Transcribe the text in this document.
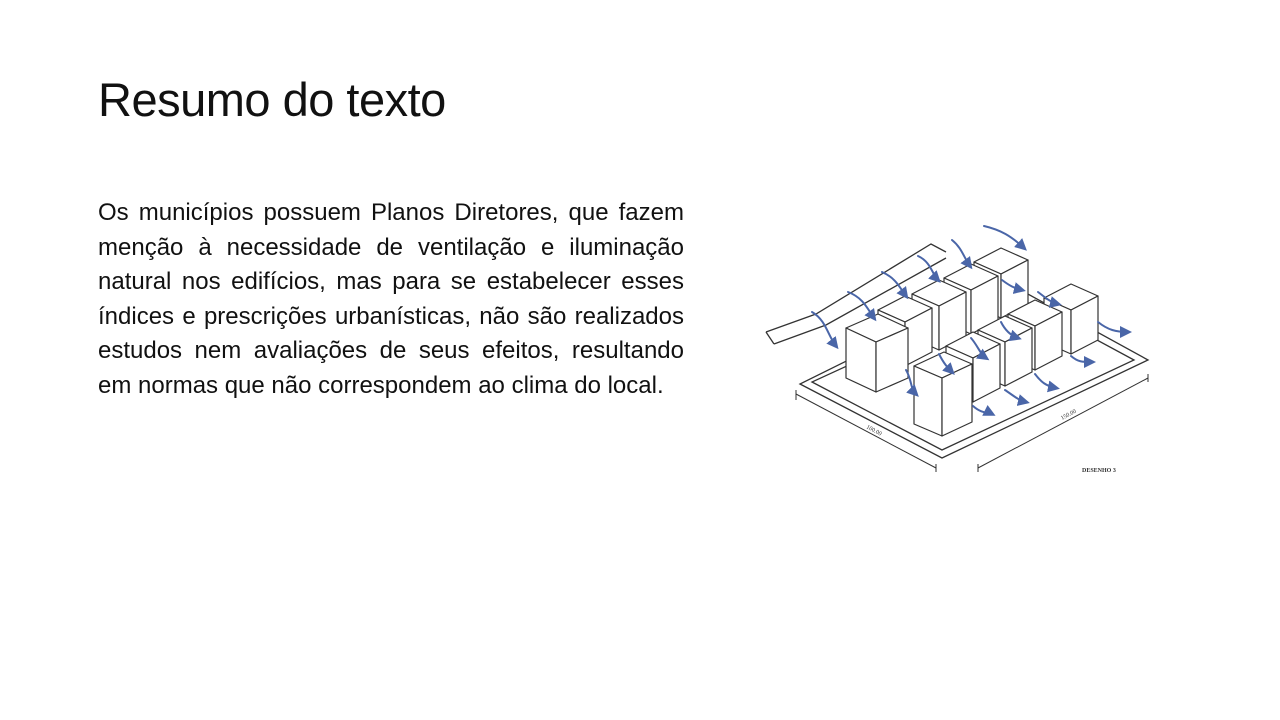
Resumo do texto

Os municípios possuem Planos Diretores, que fazem menção à necessidade de ventilação e iluminação natural nos edifícios, mas para se estabelecer esses índices e prescrições urbanísticas, não são realizados estudos nem avaliações de seus efeitos, resultando em normas que não correspondem ao clima do local.

100.00
150.00
DESENHO 3
